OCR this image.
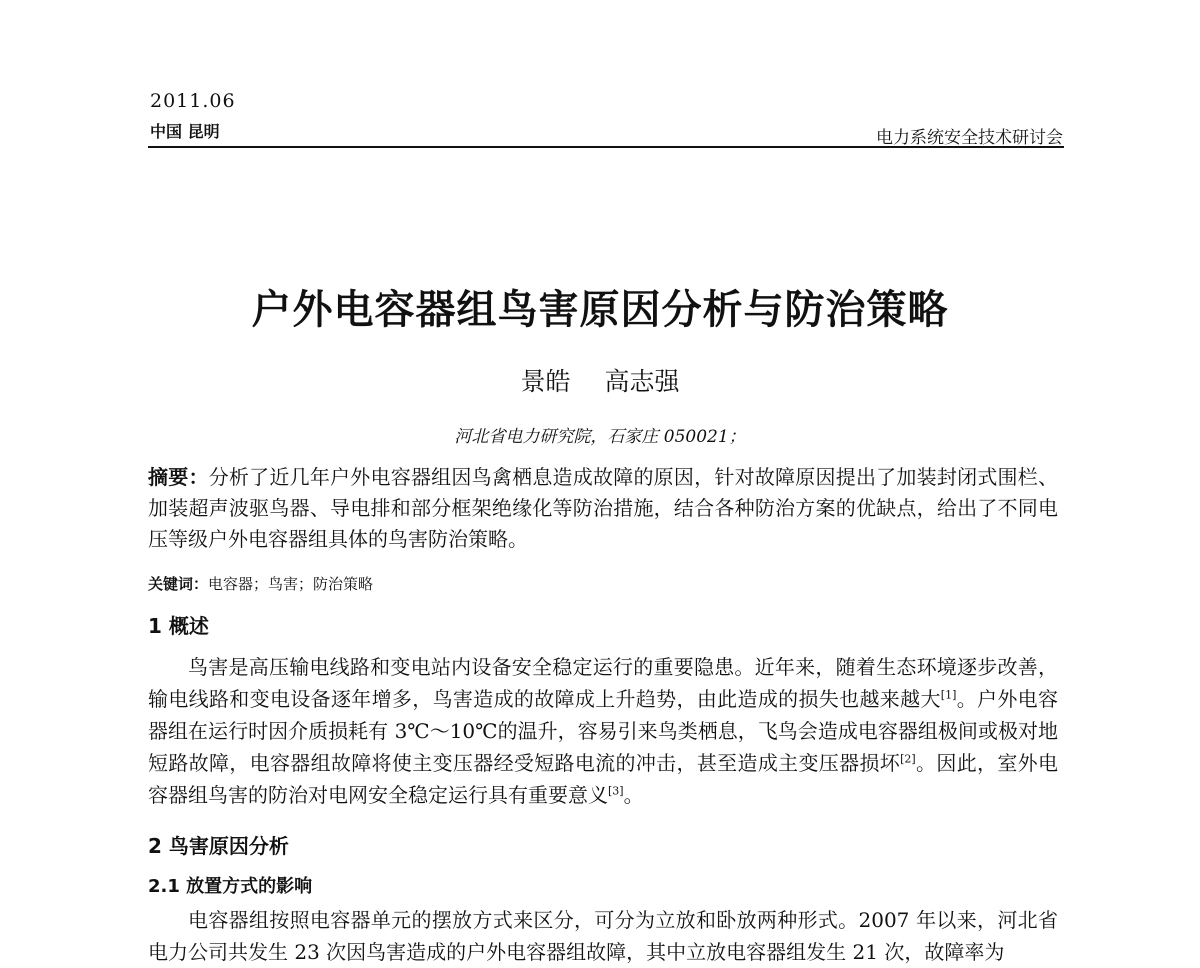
2011.06
中国 昆明	电力系统安全技术研讨会
户外电容器组鸟害原因分析与防治策略
景皓 高志强
河北省电力研究院，石家庄 050021；
摘要：分析了近几年户外电容器组因鸟禽栖息造成故障的原因，针对故障原因提出了加装封闭式围栏、加装超声波驱鸟器、导电排和部分框架绝缘化等防治措施，结合各种防治方案的优缺点，给出了不同电压等级户外电容器组具体的鸟害防治策略。
关键词：电容器；鸟害；防治策略
1 概述
鸟害是高压输电线路和变电站内设备安全稳定运行的重要隐患。近年来，随着生态环境逐步改善，输电线路和变电设备逐年增多，鸟害造成的故障成上升趋势，由此造成的损失也越来越大[1]。户外电容器组在运行时因介质损耗有 3℃～10℃的温升，容易引来鸟类栖息，飞鸟会造成电容器组极间或极对地短路故障，电容器组故障将使主变压器经受短路电流的冲击，甚至造成主变压器损坏[2]。因此，室外电容器组鸟害的防治对电网安全稳定运行具有重要意义[3]。
2 鸟害原因分析
2.1 放置方式的影响
电容器组按照电容器单元的摆放方式来区分，可分为立放和卧放两种形式。2007 年以来，河北省电力公司共发生 23 次因鸟害造成的户外电容器组故障，其中立放电容器组发生 21 次，故障率为
